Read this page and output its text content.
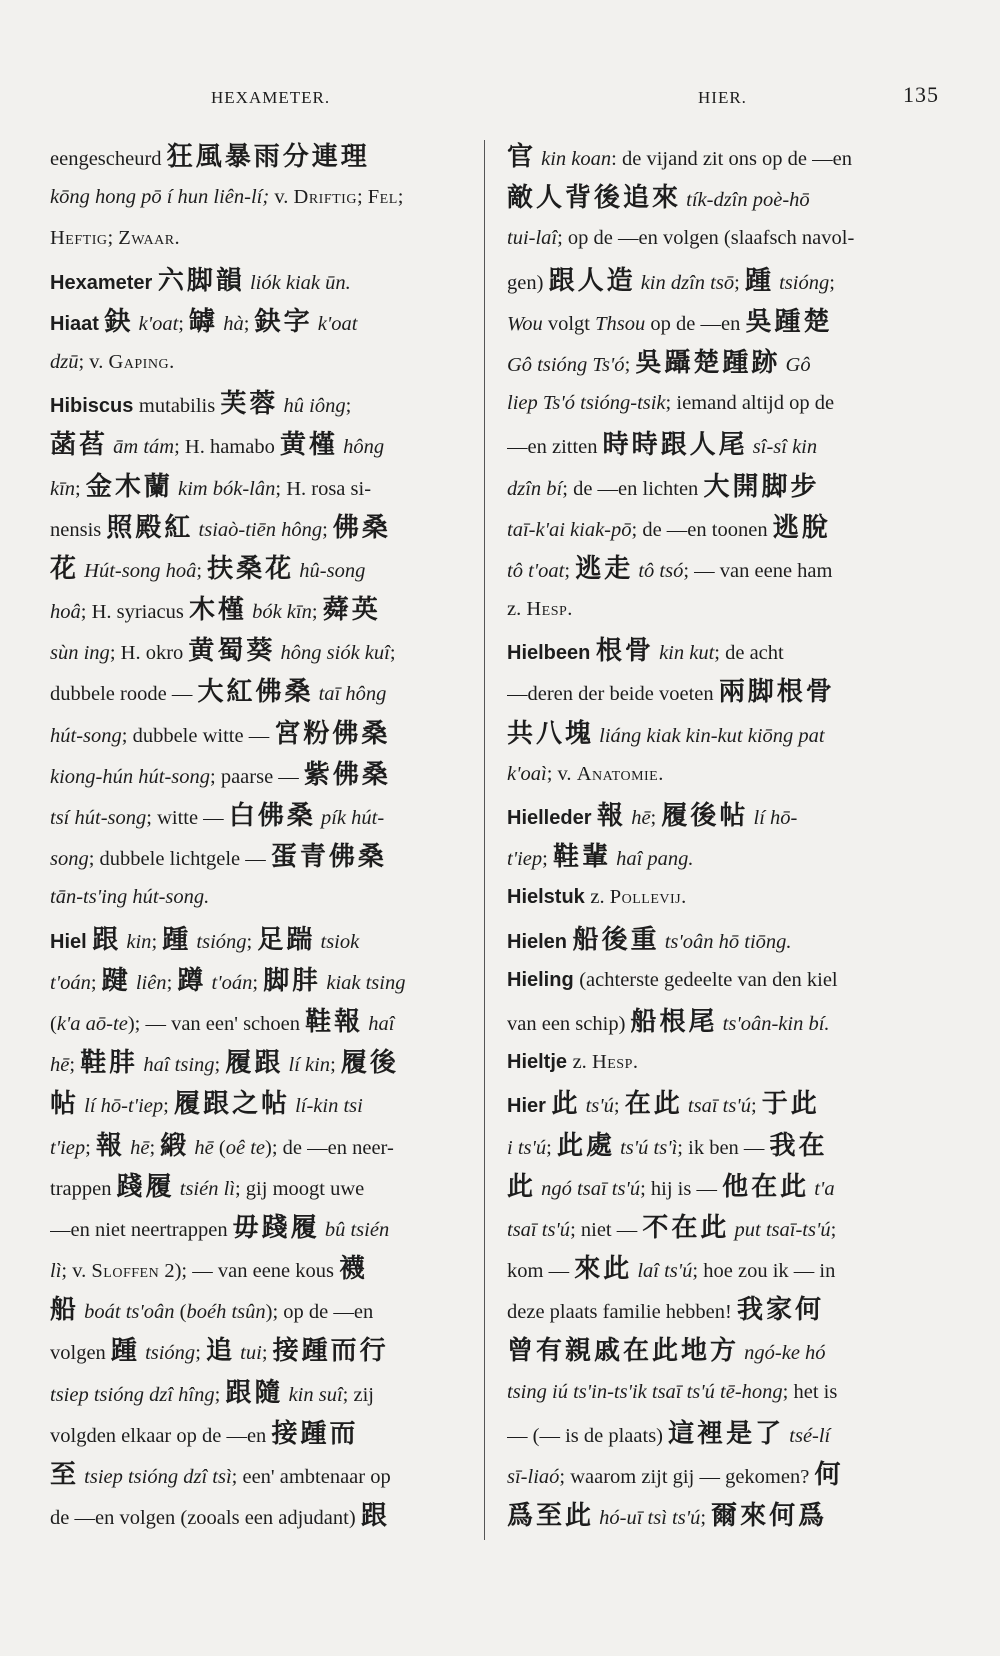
HEXAMETER.	HIER.	135
eengescheurd 狂風暴雨分連理
kōng hong pō í hun liên-lí; v. Driftig; Fel;
Heftig; Zwaar.
Hexameter 六脚韻 liók kiak ūn.
Hiaat 鈌 k'oat; 罅 hà; 鈌字 k'oat
dzū; v. Gaping.
Hibiscus mutabilis 芙蓉 hû iông;
菡萏 ām tám; H. hamabo 黄槿 hông
kīn; 金木蘭 kim bók-lân; H. rosa si-
nensis 照殿紅 tsiaò-tiēn hông; 佛桑
花 Hút-song hoâ; 扶桑花 hû-song
hoâ; H. syriacus 木槿 bók kīn; 蕣英
sùn ing; H. okro 黄蜀葵 hông siók kuî;
dubbele roode — 大紅佛桑 taī hông
hút-song; dubbele witte — 宮粉佛桑
kiong-hún hút-song; paarse — 紫佛桑
tsí hút-song; witte — 白佛桑 pík hút-
song; dubbele lichtgele — 蛋青佛桑
tān-ts'ing hút-song.
Hiel 跟 kin; 踵 tsióng; 足踹 tsiok
t'oán; 踺 liên; 蹲 t'oán; 脚肨 kiak tsing
(k'a aō-te); — van een' schoen 鞋報 haî
hē; 鞋肨 haî tsing; 履跟 lí kin; 履後
帖 lí hō-t'iep; 履跟之帖 lí-kin tsi
t'iep; 報 hē; 緞 hē (oê te); de —en neer-
trappen 踐履 tsién lì; gij moogt uwe
—en niet neertrappen 毋踐履 bû tsién
lì; v. Sloffen 2); — van eene kous 襪
船 boát ts'oân (boéh tsûn); op de —en
volgen 踵 tsióng; 追 tui; 接踵而行
tsiep tsióng dzî hîng; 跟隨 kin suî; zij
volgden elkaar op de —en 接踵而
至 tsiep tsióng dzî tsì; een' ambtenaar op
de —en volgen (zooals een adjudant) 跟
官 kin koan: de vijand zit ons op de —en
敵人背後追來 tík-dzîn poè-hō
tui-laî; op de —en volgen (slaafsch navol-
gen) 跟人造 kin dzîn tsō; 踵 tsióng;
Wou volgt Thsou op de —en 吳踵楚
Gô tsióng Ts'ó; 吳躡楚踵跡 Gô
liep Ts'ó tsióng-tsik; iemand altijd op de
—en zitten 時時跟人尾 sî-sî kin
dzîn bí; de —en lichten 大開脚步
taī-k'ai kiak-pō; de —en toonen 逃脫
tô t'oat; 逃走 tô tsó; — van eene ham
z. Hesp.
Hielbeen 根骨 kin kut; de acht
—deren der beide voeten 兩脚根骨
共八塊 liáng kiak kin-kut kiōng pat
k'oaì; v. Anatomie.
Hielleder 報 hē; 履後帖 lí hō-
t'iep; 鞋輩 haî pang.
Hielstuk z. Pollevij.
Hielen 船後重 ts'oân hō tiōng.
Hieling (achterste gedeelte van den kiel
van een schip) 船根尾 ts'oân-kin bí.
Hieltje z. Hesp.
Hier 此 ts'ú; 在此 tsaī ts'ú; 于此
i ts'ú; 此處 ts'ú ts'ì; ik ben — 我在
此 ngó tsaī ts'ú; hij is — 他在此 t'a
tsaī ts'ú; niet — 不在此 put tsaī-ts'ú;
kom — 來此 laî ts'ú; hoe zou ik — in
deze plaats familie hebben! 我家何
曾有親戚在此地方 ngó-ke hó
tsing iú ts'in-ts'ik tsaī ts'ú tē-hong; het is
— (— is de plaats) 這裡是了 tsé-lí
sī-liaó; waarom zijt gij — gekomen? 何
爲至此 hó-uī tsì ts'ú; 爾來何爲
